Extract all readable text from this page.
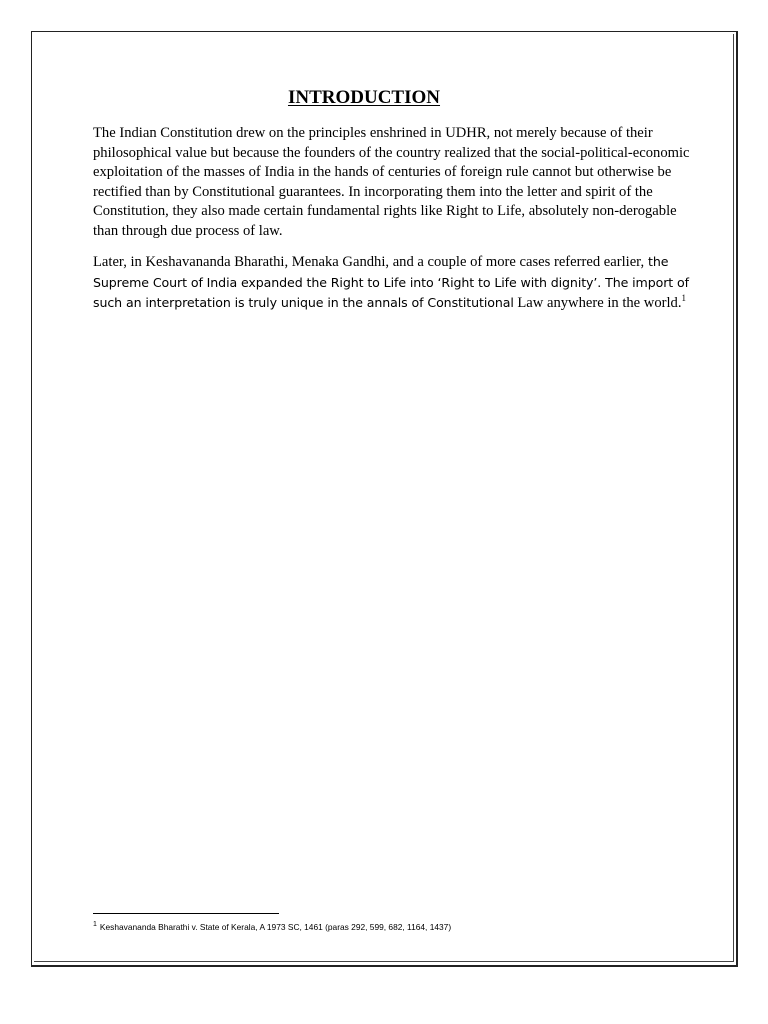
INTRODUCTION

The Indian Constitution drew on the principles enshrined in UDHR, not merely because of their philosophical value but because the founders of the country realized that the social-political-economic exploitation of the masses of India in the hands of centuries of foreign rule cannot but otherwise be rectified than by Constitutional guarantees. In incorporating them into the letter and spirit of the Constitution, they also made certain fundamental rights like Right to Life, absolutely non-derogable than through due process of law.

Later, in Keshavananda Bharathi, Menaka Gandhi, and a couple of more cases referred earlier, the Supreme Court of India expanded the Right to Life into ‘Right to Life with dignity’. The import of such an interpretation is truly unique in the annals of Constitutional Law anywhere in the world.$^1$

$^1$ Keshavananda Bharathi v. State of Kerala, A 1973 SC, 1461 (paras 292, 599, 682, 1164, 1437)
